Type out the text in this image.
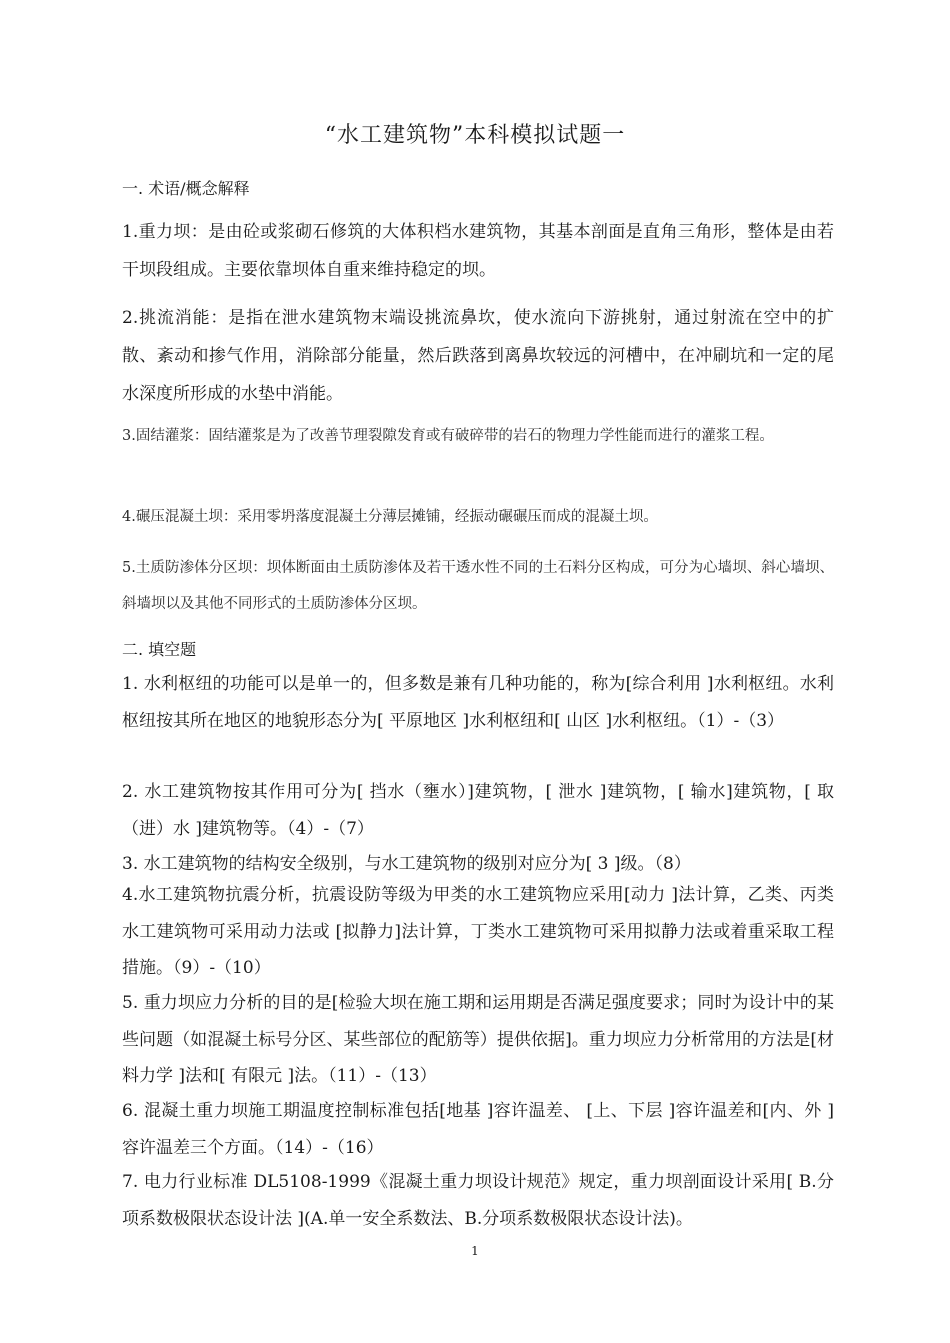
“水工建筑物”本科模拟试题一
一. 术语/概念解释
1.重力坝：是由砼或浆砌石修筑的大体积档水建筑物，其基本剖面是直角三角形，整体是由若干坝段组成。主要依靠坝体自重来维持稳定的坝。
2.挑流消能：是指在泄水建筑物末端设挑流鼻坎，使水流向下游挑射，通过射流在空中的扩散、紊动和掺气作用，消除部分能量，然后跌落到离鼻坎较远的河槽中，在冲刷坑和一定的尾水深度所形成的水垫中消能。
3.固结灌浆：固结灌浆是为了改善节理裂隙发育或有破碎带的岩石的物理力学性能而进行的灌浆工程。
4.碾压混凝土坝：采用零坍落度混凝土分薄层摊铺，经振动碾碾压而成的混凝土坝。
5.土质防渗体分区坝：坝体断面由土质防渗体及若干透水性不同的土石料分区构成，可分为心墙坝、斜心墙坝、斜墙坝以及其他不同形式的土质防渗体分区坝。
二. 填空题
1. 水利枢纽的功能可以是单一的，但多数是兼有几种功能的，称为[综合利用 ]水利枢纽。水利枢纽按其所在地区的地貌形态分为[ 平原地区 ]水利枢纽和[ 山区 ]水利枢纽。（1）-（3）
2. 水工建筑物按其作用可分为[ 挡水（壅水）]建筑物，[ 泄水 ]建筑物，[ 输水]建筑物，[ 取（进）水 ]建筑物等。（4）-（7）
3. 水工建筑物的结构安全级别，与水工建筑物的级别对应分为[ 3 ]级。（8）
4.水工建筑物抗震分析，抗震设防等级为甲类的水工建筑物应采用[动力 ]法计算，乙类、丙类水工建筑物可采用动力法或 [拟静力]法计算，丁类水工建筑物可采用拟静力法或着重采取工程措施。（9）-（10）
5. 重力坝应力分析的目的是[检验大坝在施工期和运用期是否满足强度要求；同时为设计中的某些问题（如混凝土标号分区、某些部位的配筋等）提供依据]。重力坝应力分析常用的方法是[材料力学 ]法和[ 有限元 ]法。（11）-（13）
6. 混凝土重力坝施工期温度控制标准包括[地基 ]容许温差、 [上、下层 ]容许温差和[内、外 ]容许温差三个方面。（14）-（16）
7. 电力行业标准 DL5108-1999《混凝土重力坝设计规范》规定，重力坝剖面设计采用[ B.分项系数极限状态设计法 ](A.单一安全系数法、B.分项系数极限状态设计法)。
1
